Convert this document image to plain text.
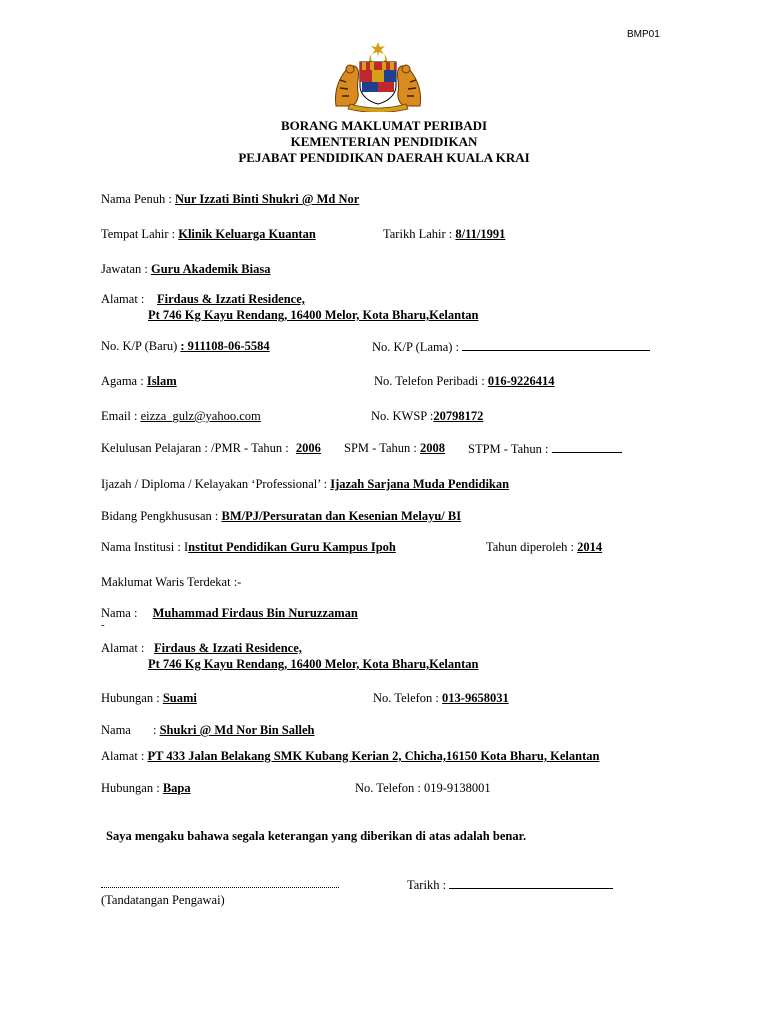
BMP01
BORANG MAKLUMAT PERIBADI
KEMENTERIAN PENDIDIKAN
PEJABAT PENDIDIKAN DAERAH KUALA KRAI
Nama Penuh : Nur Izzati Binti Shukri @ Md Nor
Tempat Lahir : Klinik Keluarga Kuantan	Tarikh Lahir : 8/11/1991
Jawatan : Guru Akademik Biasa
Alamat : Firdaus & Izzati Residence,
Pt 746 Kg Kayu Rendang, 16400 Melor, Kota Bharu,Kelantan
No. K/P (Baru) : 911108-06-5584	No. K/P (Lama) :
Agama : Islam	No. Telefon Peribadi : 016-9226414
Email : eizza_gulz@yahoo.com	No. KWSP :20798172
Kelulusan Pelajaran : /PMR - Tahun : 2006 SPM - Tahun : 2008 STPM - Tahun :
Ijazah / Diploma / Kelayakan ‘Professional’ : Ijazah Sarjana Muda Pendidikan
Bidang Pengkhususan : BM/PJ/Persuratan dan Kesenian Melayu/ BI
Nama Institusi : Institut Pendidikan Guru Kampus Ipoh	Tahun diperoleh : 2014
Maklumat Waris Terdekat :-
Nama : Muhammad Firdaus Bin Nuruzzaman
-
Alamat : Firdaus & Izzati Residence,
Pt 746 Kg Kayu Rendang, 16400 Melor, Kota Bharu,Kelantan
Hubungan : Suami	No. Telefon : 013-9658031
Nama : Shukri @ Md Nor Bin Salleh
Alamat : PT 433 Jalan Belakang SMK Kubang Kerian 2, Chicha,16150 Kota Bharu, Kelantan
Hubungan : Bapa	No. Telefon : 019-9138001
Saya mengaku bahawa segala keterangan yang diberikan di atas adalah benar.
Tarikh :
(Tandatangan Pengawai)
